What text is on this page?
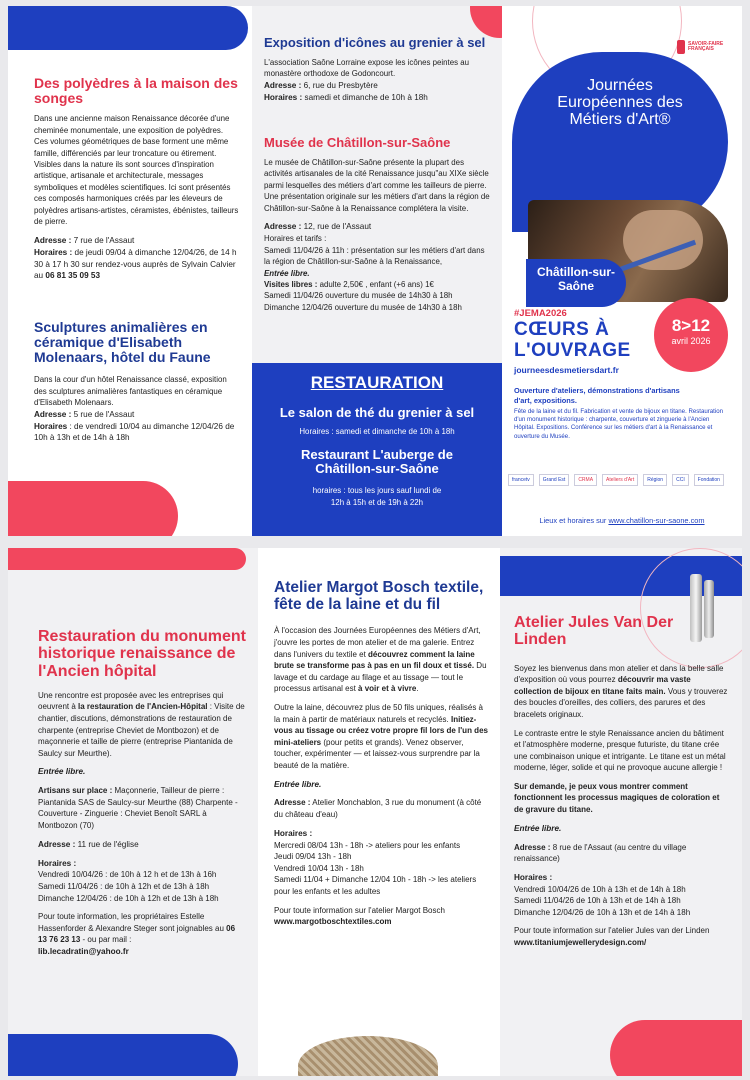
Des polyèdres à la maison des songes

Dans une ancienne maison Renaissance décorée d'une cheminée monumentale, une exposition de polyèdres. Ces volumes géométriques de base forment une même famille, différenciés par leur troncature ou étirement. Visibles dans la nature ils sont sources d'inspiration artistique, artisanale et architecturale, messages symboliques et modèles scientifiques. Ici sont présentés ces composés harmoniques créés par les éleveurs de polyèdres artisans-artistes, céramistes, ébénistes, tailleurs de pierre.

Adresse : 7 rue de l'Assaut

Horaires : de jeudi 09/04 à dimanche 12/04/26, de 14 h 30 à 17 h 30 sur rendez-vous auprès de Sylvain Calvier au 06 81 35 09 53

Sculptures animalières en céramique d'Elisabeth Molenaars, hôtel du Faune

Dans la cour d'un hôtel Renaissance classé, exposition des sculptures animalières fantastiques en céramique d'Elisabeth Molenaars.

Adresse : 5 rue de l'Assaut

Horaires : de vendredi 10/04 au dimanche 12/04/26 de 10h à 13h et de 14h à 18h

Exposition d'icônes au grenier à sel

L'association Saône Lorraine expose les icônes peintes au monastère orthodoxe de Godoncourt.

Adresse : 6, rue du Presbytère

Horaires : samedi et dimanche de 10h à 18h

Musée de Châtillon-sur-Saône

Le musée de Châtillon-sur-Saône présente la plupart des activités artisanales de la cité Renaissance jusqu"au XIXe siècle parmi lesquelles des métiers d'art comme les tailleurs de pierre. Une présentation originale sur les métiers d'art dans la région de Châtillon-sur-Saône à la Renaissance complétera la visite.

Adresse : 12, rue de l'Assaut

Horaires et tarifs :

Samedi 11/04/26 à 11h : présentation sur les métiers d'art dans la région de Châtillon-sur-Saône à la Renaissance,

Entrée libre.

Visites libres : adulte 2,50€ , enfant (+6 ans) 1€

Samedi 11/04/26 ouverture du musée de 14h30 à 18h

Dimanche 12/04/26 ouverture du musée de 14h30 à 18h

RESTAURATION
Le salon de thé du grenier à sel
Horaires : samedi et dimanche de 10h à 18h
Restaurant L'auberge de Châtillon-sur-Saône
horaires : tous les jours sauf lundi de 12h à 15h et de 19h à 22h
SAVOIR-FAIRE FRANÇAIS
Journées Européennes des Métiers d'Art®
Châtillon-sur-Saône
8>12
avril 2026
#JEMA2026
CŒURS À
L'OUVRAGE
journeesdesmetiersdart.fr
Ouverture d'ateliers, démonstrations d'artisans d'art, expositions.
Fête de la laine et du fil. Fabrication et vente de bijoux en titane. Restauration d'un monument historique : charpente, couverture et zinguerie à l'Ancien Hôpital. Expositions. Conférence sur les métiers d'art à la Renaissance et ouverture du Musée.
francetv	Grand Est	CRMA	Ateliers d'Art	Région	CCI	Fondation
Lieux et horaires sur www.chatillon-sur-saone.com
Restauration du monument historique renaissance de l'Ancien hôpital

Une rencontre est proposée avec les entreprises qui oeuvrent à la restauration de l'Ancien-Hôpital : Visite de chantier, discutions, démonstrations de restauration de charpente (entreprise Cheviet de Montbozon) et de maçonnerie et taille de pierre (entreprise Piantanida de Saulcy sur Meurthe).

Entrée libre.

Artisans sur place : Maçonnerie, Tailleur de pierre : Piantanida SAS de Saulcy-sur Meurthe (88) Charpente - Couverture - Zinguerie : Cheviet Benoît SARL à Montbozon (70)

Adresse : 11 rue de l'église

Horaires :

Vendredi 10/04/26 : de 10h à 12 h et de 13h à 16h

Samedi 11/04/26 : de 10h à 12h et de 13h à 18h

Dimanche 12/04/26 : de 10h à 12h et de 13h à 18h

Pour toute information, les propriétaires Estelle Hassenforder & Alexandre Steger sont joignables au 06 13 76 23 13 - ou par mail :

lib.lecadratin@yahoo.fr

Atelier Margot Bosch textile, fête de la laine et du fil

À l'occasion des Journées Européennes des Métiers d'Art, j'ouvre les portes de mon atelier et de ma galerie. Entrez dans l'univers du textile et découvrez comment la laine brute se transforme pas à pas en un fil doux et tissé. Du lavage et du cardage au filage et au tissage — tout le processus artisanal est à voir et à vivre.

Outre la laine, découvrez plus de 50 fils uniques, réalisés à la main à partir de matériaux naturels et recyclés. Initiez-vous au tissage ou créez votre propre fil lors de l'un des mini-ateliers (pour petits et grands). Venez observer, toucher, expérimenter — et laissez-vous surprendre par la beauté de la matière.

Entrée libre.

Adresse : Atelier Monchablon, 3 rue du monument (à côté du château d'eau)

Horaires :

Mercredi 08/04 13h - 18h -> ateliers pour les enfants

Jeudi 09/04 13h - 18h

Vendredi 10/04 13h - 18h

Samedi 11/04 + Dimanche 12/04 10h - 18h -> les ateliers pour les enfants et les adultes

Pour toute information sur l'atelier Margot Bosch

www.margotboschtextiles.com

Atelier Jules Van Der Linden

Soyez les bienvenus dans mon atelier et dans la belle salle d'exposition où vous pourrez découvrir ma vaste collection de bijoux en titane faits main. Vous y trouverez des boucles d'oreilles, des colliers, des parures et des bracelets originaux.

Le contraste entre le style Renaissance ancien du bâtiment et l'atmosphère moderne, presque futuriste, du titane crée une combinaison unique et intrigante. Le titane est un métal moderne, léger, solide et qui ne provoque aucune allergie !

Sur demande, je peux vous montrer comment fonctionnent les processus magiques de coloration et de gravure du titane.

Entrée libre.

Adresse : 8 rue de l'Assaut (au centre du village renaissance)

Horaires :

Vendredi 10/04/26 de 10h à 13h et de 14h à 18h

Samedi 11/04/26 de 10h à 13h et de 14h à 18h

Dimanche 12/04/26 de 10h à 13h et de 14h à 18h

Pour toute information sur l'atelier Jules van der Linden www.titaniumjewellerydesign.com/
